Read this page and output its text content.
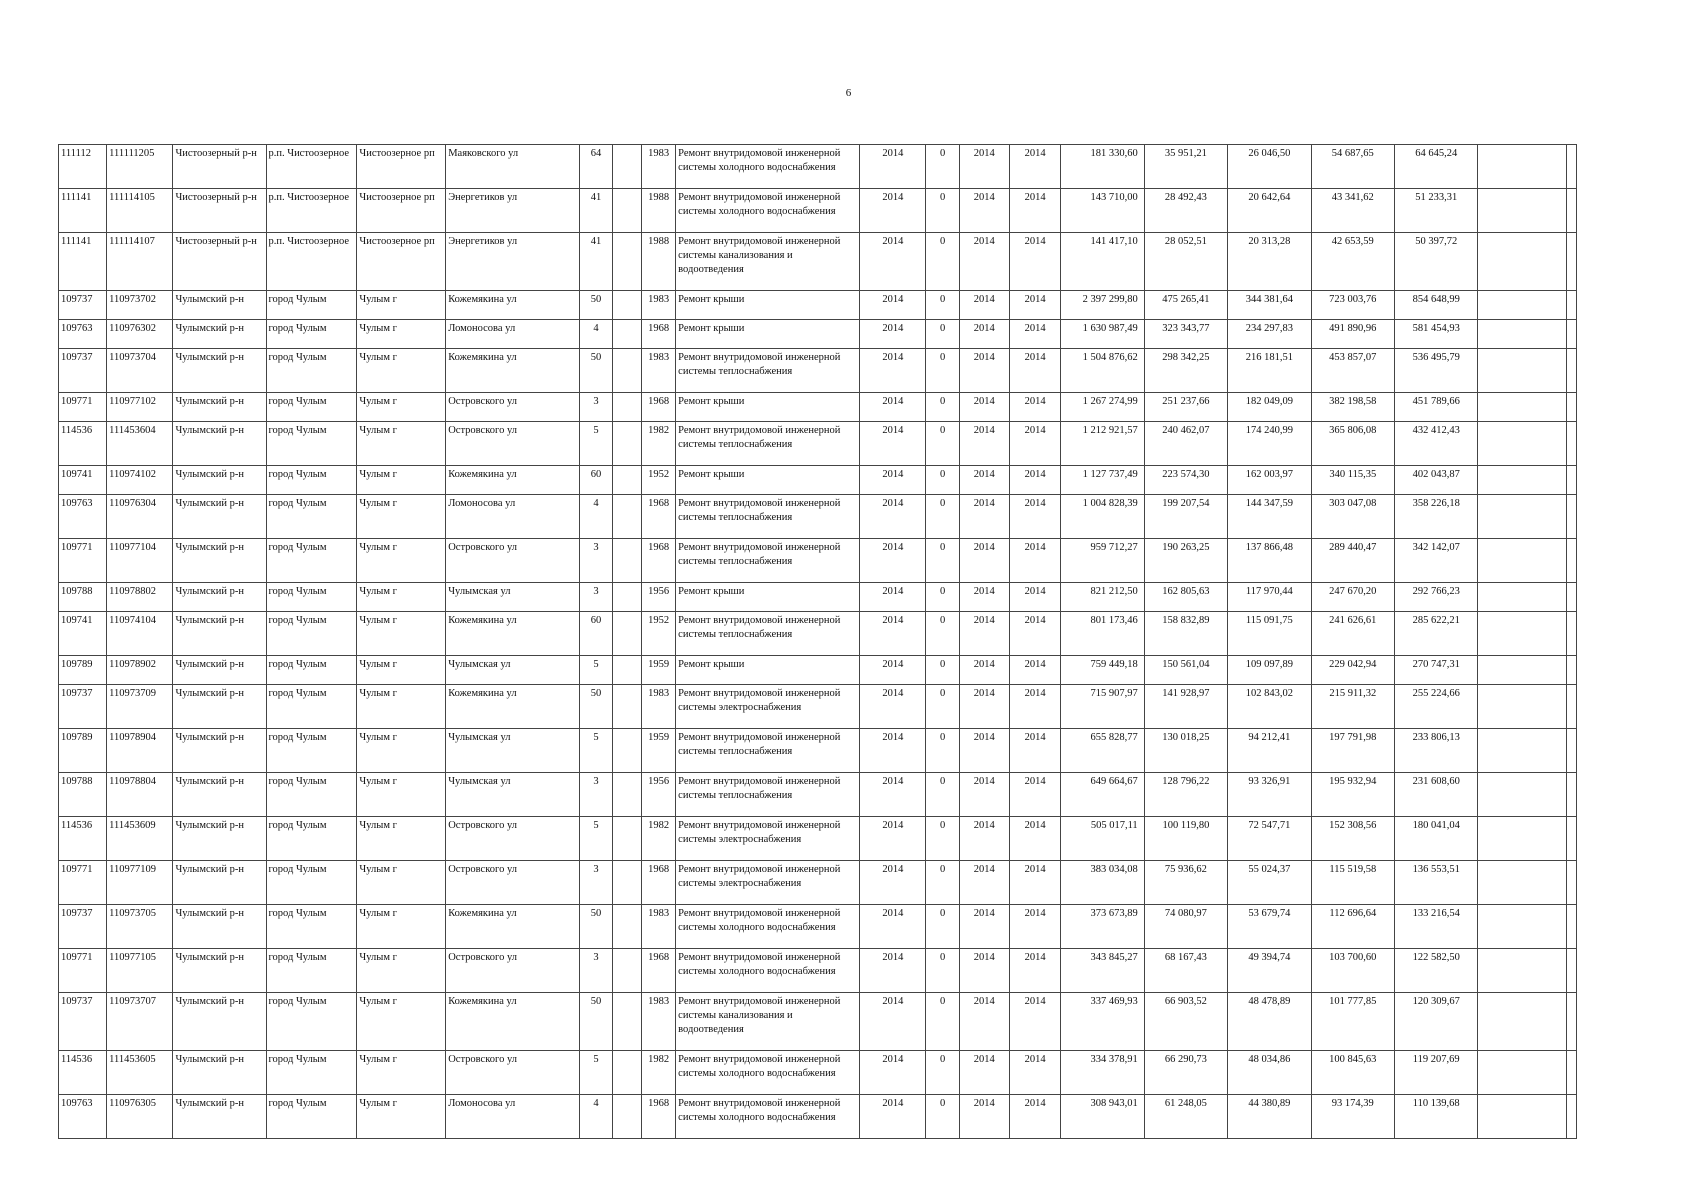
6
111112	111111205	Чистоозерный р-н	р.п. Чистоозерное	Чистоозерное рп	Маяковского ул	64		1983	Ремонт внутридомовой инженерной системы холодного водоснабжения	2014	0	2014	2014	181 330,60	35 951,21	26 046,50	54 687,65	64 645,24		
111141	111114105	Чистоозерный р-н	р.п. Чистоозерное	Чистоозерное рп	Энергетиков ул	41		1988	Ремонт внутридомовой инженерной системы холодного водоснабжения	2014	0	2014	2014	143 710,00	28 492,43	20 642,64	43 341,62	51 233,31		
111141	111114107	Чистоозерный р-н	р.п. Чистоозерное	Чистоозерное рп	Энергетиков ул	41		1988	Ремонт внутридомовой инженерной системы канализования и водоотведения	2014	0	2014	2014	141 417,10	28 052,51	20 313,28	42 653,59	50 397,72		
109737	110973702	Чулымский р-н	город Чулым	Чулым г	Кожемякина ул	50		1983	Ремонт крыши	2014	0	2014	2014	2 397 299,80	475 265,41	344 381,64	723 003,76	854 648,99		
109763	110976302	Чулымский р-н	город Чулым	Чулым г	Ломоносова ул	4		1968	Ремонт крыши	2014	0	2014	2014	1 630 987,49	323 343,77	234 297,83	491 890,96	581 454,93		
109737	110973704	Чулымский р-н	город Чулым	Чулым г	Кожемякина ул	50		1983	Ремонт внутридомовой инженерной системы теплоснабжения	2014	0	2014	2014	1 504 876,62	298 342,25	216 181,51	453 857,07	536 495,79		
109771	110977102	Чулымский р-н	город Чулым	Чулым г	Островского ул	3		1968	Ремонт крыши	2014	0	2014	2014	1 267 274,99	251 237,66	182 049,09	382 198,58	451 789,66		
114536	111453604	Чулымский р-н	город Чулым	Чулым г	Островского ул	5		1982	Ремонт внутридомовой инженерной системы теплоснабжения	2014	0	2014	2014	1 212 921,57	240 462,07	174 240,99	365 806,08	432 412,43		
109741	110974102	Чулымский р-н	город Чулым	Чулым г	Кожемякина ул	60		1952	Ремонт крыши	2014	0	2014	2014	1 127 737,49	223 574,30	162 003,97	340 115,35	402 043,87		
109763	110976304	Чулымский р-н	город Чулым	Чулым г	Ломоносова ул	4		1968	Ремонт внутридомовой инженерной системы теплоснабжения	2014	0	2014	2014	1 004 828,39	199 207,54	144 347,59	303 047,08	358 226,18		
109771	110977104	Чулымский р-н	город Чулым	Чулым г	Островского ул	3		1968	Ремонт внутридомовой инженерной системы теплоснабжения	2014	0	2014	2014	959 712,27	190 263,25	137 866,48	289 440,47	342 142,07		
109788	110978802	Чулымский р-н	город Чулым	Чулым г	Чулымская ул	3		1956	Ремонт крыши	2014	0	2014	2014	821 212,50	162 805,63	117 970,44	247 670,20	292 766,23		
109741	110974104	Чулымский р-н	город Чулым	Чулым г	Кожемякина ул	60		1952	Ремонт внутридомовой инженерной системы теплоснабжения	2014	0	2014	2014	801 173,46	158 832,89	115 091,75	241 626,61	285 622,21		
109789	110978902	Чулымский р-н	город Чулым	Чулым г	Чулымская ул	5		1959	Ремонт крыши	2014	0	2014	2014	759 449,18	150 561,04	109 097,89	229 042,94	270 747,31		
109737	110973709	Чулымский р-н	город Чулым	Чулым г	Кожемякина ул	50		1983	Ремонт внутридомовой инженерной системы электроснабжения	2014	0	2014	2014	715 907,97	141 928,97	102 843,02	215 911,32	255 224,66		
109789	110978904	Чулымский р-н	город Чулым	Чулым г	Чулымская ул	5		1959	Ремонт внутридомовой инженерной системы теплоснабжения	2014	0	2014	2014	655 828,77	130 018,25	94 212,41	197 791,98	233 806,13		
109788	110978804	Чулымский р-н	город Чулым	Чулым г	Чулымская ул	3		1956	Ремонт внутридомовой инженерной системы теплоснабжения	2014	0	2014	2014	649 664,67	128 796,22	93 326,91	195 932,94	231 608,60		
114536	111453609	Чулымский р-н	город Чулым	Чулым г	Островского ул	5		1982	Ремонт внутридомовой инженерной системы электроснабжения	2014	0	2014	2014	505 017,11	100 119,80	72 547,71	152 308,56	180 041,04		
109771	110977109	Чулымский р-н	город Чулым	Чулым г	Островского ул	3		1968	Ремонт внутридомовой инженерной системы электроснабжения	2014	0	2014	2014	383 034,08	75 936,62	55 024,37	115 519,58	136 553,51		
109737	110973705	Чулымский р-н	город Чулым	Чулым г	Кожемякина ул	50		1983	Ремонт внутридомовой инженерной системы холодного водоснабжения	2014	0	2014	2014	373 673,89	74 080,97	53 679,74	112 696,64	133 216,54		
109771	110977105	Чулымский р-н	город Чулым	Чулым г	Островского ул	3		1968	Ремонт внутридомовой инженерной системы холодного водоснабжения	2014	0	2014	2014	343 845,27	68 167,43	49 394,74	103 700,60	122 582,50		
109737	110973707	Чулымский р-н	город Чулым	Чулым г	Кожемякина ул	50		1983	Ремонт внутридомовой инженерной системы канализования и водоотведения	2014	0	2014	2014	337 469,93	66 903,52	48 478,89	101 777,85	120 309,67		
114536	111453605	Чулымский р-н	город Чулым	Чулым г	Островского ул	5		1982	Ремонт внутридомовой инженерной системы холодного водоснабжения	2014	0	2014	2014	334 378,91	66 290,73	48 034,86	100 845,63	119 207,69		
109763	110976305	Чулымский р-н	город Чулым	Чулым г	Ломоносова ул	4		1968	Ремонт внутридомовой инженерной системы холодного водоснабжения	2014	0	2014	2014	308 943,01	61 248,05	44 380,89	93 174,39	110 139,68		
